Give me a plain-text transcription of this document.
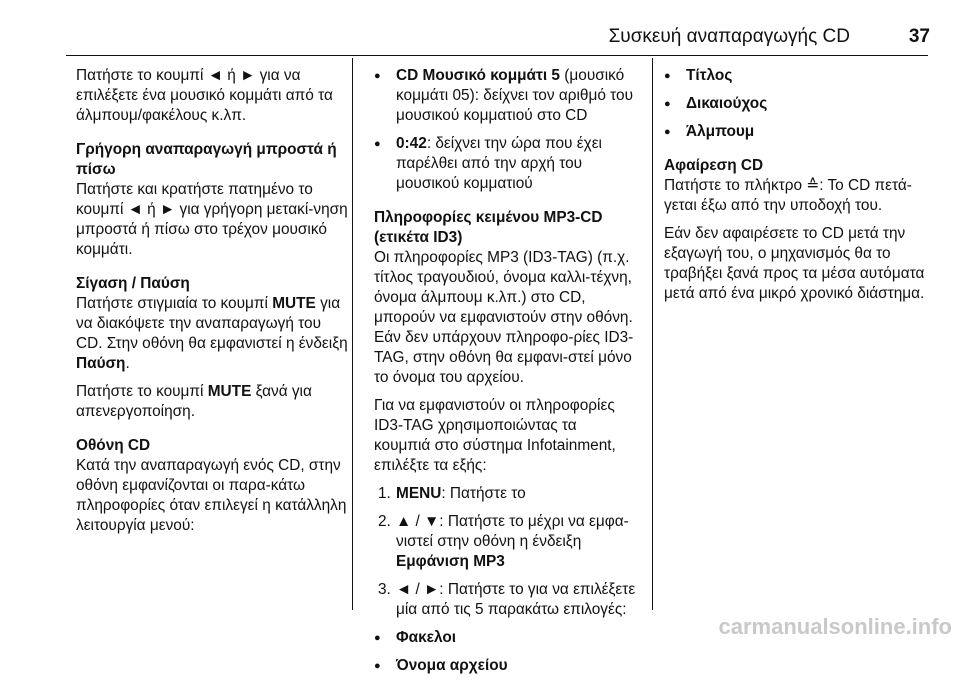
Συσκευή αναπαραγωγής CD	37

Πατήστε το κουμπί ◄ ή ► για να επιλέξετε ένα μουσικό κομμάτι από τα άλμπουμ/φακέλους κ.λπ.

Γρήγορη αναπαραγωγή μπροστά ή πίσω

Πατήστε και κρατήστε πατημένο το κουμπί ◄ ή ► για γρήγορη μετακί‐νηση μπροστά ή πίσω στο τρέχον μουσικό κομμάτι.

Σίγαση / Παύση

Πατήστε στιγμιαία το κουμπί MUTE για να διακόψετε την αναπαραγωγή του CD. Στην οθόνη θα εμφανιστεί η ένδειξη Παύση.

Πατήστε το κουμπί MUTE ξανά για απενεργοποίηση.

Οθόνη CD

Κατά την αναπαραγωγή ενός CD, στην οθόνη εμφανίζονται οι παρα‐κάτω πληροφορίες όταν επιλεγεί η κατάλληλη λειτουργία μενού:

● CD Μουσικό κομμάτι 5 (μουσικό κομμάτι 05): δείχνει τον αριθμό του μουσικού κομματιού στο CD
● 0:42: δείχνει την ώρα που έχει παρέλθει από την αρχή του μουσικού κομματιού
Πληροφορίες κειμένου MP3-CD (ετικέτα ID3)

Οι πληροφορίες MP3 (ID3-TAG) (π.χ. τίτλος τραγουδιού, όνομα καλλι‐τέχνη, όνομα άλμπουμ κ.λπ.) στο CD, μπορούν να εμφανιστούν στην οθόνη. Εάν δεν υπάρχουν πληροφο‐ρίες ID3-TAG, στην οθόνη θα εμφανι‐στεί μόνο το όνομα του αρχείου.

Για να εμφανιστούν οι πληροφορίες ID3-TAG χρησιμοποιώντας τα κουμπιά στο σύστημα Infotainment, επιλέξτε τα εξής:

1. MENU: Πατήστε το
2. ▲ / ▼: Πατήστε το μέχρι να εμφα‐νιστεί στην οθόνη η ένδειξη Εμφάνιση MP3
3. ◄ / ►: Πατήστε το για να επιλέξετε μία από τις 5 παρακάτω επιλογές:
● Φακελοι
● Όνομα αρχείου
● Τίτλος
● Δικαιούχος
● Άλμπουμ
Αφαίρεση CD

Πατήστε το πλήκτρο ≙: Το CD πετά‐γεται έξω από την υποδοχή του.

Εάν δεν αφαιρέσετε το CD μετά την εξαγωγή του, ο μηχανισμός θα το τραβήξει ξανά προς τα μέσα αυτόματα μετά από ένα μικρό χρονικό διάστημα.

carmanualsonline.info
